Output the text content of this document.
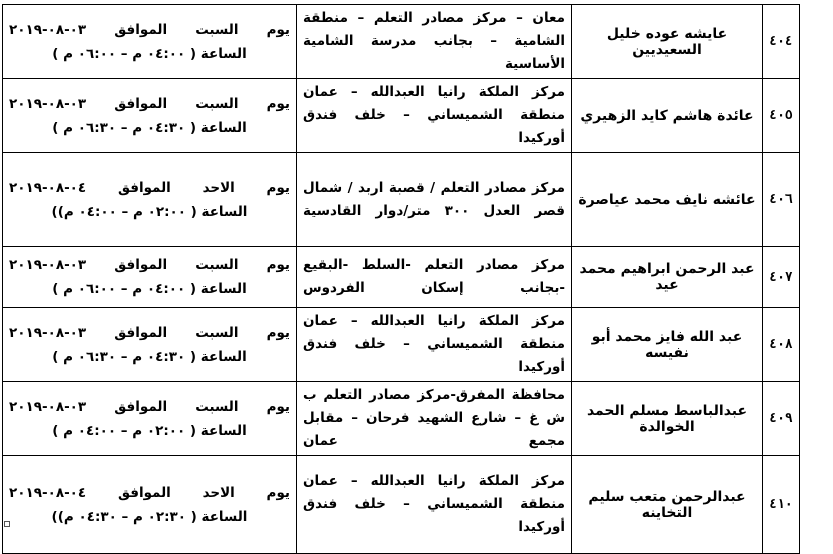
٤٠٤	عايشه عوده خليل السعيديين	معان – مركز مصادر التعلم – منطقة الشامية – بجانب مدرسة الشامية الأساسية	يوم السبت الموافق ٠٣-٠٨-٢٠١٩
الساعة ( ٠٤:٠٠ م – ٠٦:٠٠ م )

٤٠٥	عائدة هاشم كايد الزهيري	مركز الملكة رانيا العبدالله – عمان منطقة الشميساني – خلف فندق أوركيدا	يوم السبت الموافق ٠٣-٠٨-٢٠١٩
الساعة ( ٠٤:٣٠ م – ٠٦:٣٠ م )

٤٠٦	عائشه نايف محمد عياصرة	مركز مصادر التعلم / قصبة اربد / شمال قصر العدل ٣٠٠ متر/دوار القادسية	يوم الاحد الموافق ٠٤-٠٨-٢٠١٩
الساعة ( ٠٢:٠٠ م – ٠٤:٠٠ م))

٤٠٧	عبد الرحمن ابراهيم محمد عيد	مركز مصادر التعلم -السلط -البقيع -بجانب إسكان الفردوس	يوم السبت الموافق ٠٣-٠٨-٢٠١٩
الساعة ( ٠٤:٠٠ م – ٠٦:٠٠ م )

٤٠٨	عبد الله فايز محمد أبو نفيسه	مركز الملكة رانيا العبدالله – عمان منطقة الشميساني – خلف فندق أوركيدا	يوم السبت الموافق ٠٣-٠٨-٢٠١٩
الساعة ( ٠٤:٣٠ م – ٠٦:٣٠ م )

٤٠٩	عبدالباسط مسلم الحمد الخوالدة	محافظة المفرق-مركز مصادر التعلم ب ش غ – شارع الشهيد فرحان – مقابل مجمع عمان	يوم السبت الموافق ٠٣-٠٨-٢٠١٩
الساعة ( ٠٢:٠٠ م – ٠٤:٠٠ م )

٤١٠	عبدالرحمن متعب سليم التخاينه	مركز الملكة رانيا العبدالله – عمان منطقة الشميساني – خلف فندق أوركيدا	يوم الاحد الموافق ٠٤-٠٨-٢٠١٩
الساعة ( ٠٢:٣٠ م – ٠٤:٣٠ م))
